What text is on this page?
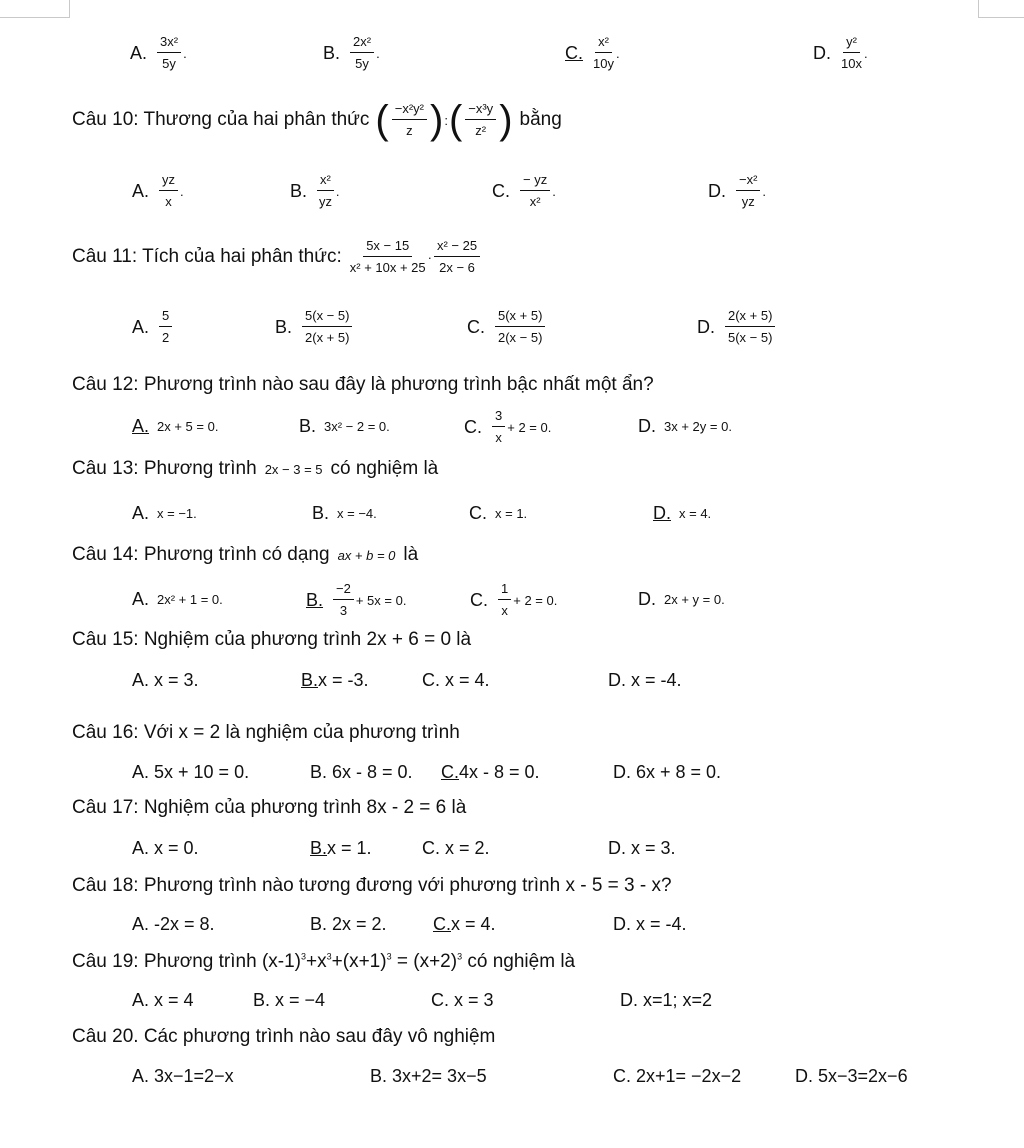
A. $\frac{\text{3x²}}{5y}$ .	B. $\frac{\text{2x²}}{5y}$ .	C. $\frac{\text{x²}}{10y}$ .	D. $\frac{\text{y²}}{10x}$ .
Câu 10: Thương của hai phân thức ( $\frac{\text{−x²y²}}{z}$ ) : ( $\frac{\text{−x³y}}{\text{z²}}$ ) bằng
A. $\frac{yz}{x}$ .	B. $\frac{\text{x²}}{yz}$ .	C. $\frac{- yz}{\text{x²}}$ .	D. $\frac{\text{−x²}}{yz}$ .
Câu 11: Tích của hai phân thức: $\frac{5x - 15}{\text{x² + 10x + 25}} \cdot \frac{\text{x² − 25}}{2x - 6}$
A. $\frac{5}{2}$	B. $\frac{5(x - 5)}{2(x + 5)}$	C. $\frac{5(x + 5)}{2(x - 5)}$	D. $\frac{2(x + 5)}{5(x - 5)}$
Câu 12: Phương trình nào sau đây là phương trình bậc nhất một ẩn?
A. 2x + 5 = 0.	B. 3x² − 2 = 0.	C. $\frac{3}{x} + 2 = 0$.	D. 3x + 2y = 0.
Câu 13: Phương trình 2x − 3 = 5 có nghiệm là
A. x = −1.	B. x = −4.	C. x = 1.	D. x = 4.
Câu 14: Phương trình có dạng ax + b = 0 là
A. 2x² + 1 = 0.	B. $\frac{-2}{3} + 5x = 0$.	C. $\frac{1}{x} + 2 = 0$.	D. 2x + y = 0.
Câu 15: Nghiệm của phương trình 2x + 6 = 0 là
A. x = 3.	B. x = -3.	C. x = 4.	D. x = -4.
Câu 16: Với x = 2 là nghiệm của phương trình
A. 5x + 10 = 0.	B. 6x - 8 = 0. C. 4x - 8 = 0.	D. 6x + 8 = 0.
Câu 17: Nghiệm của phương trình 8x - 2 = 6 là
A. x = 0.	B. x = 1.	C. x = 2.	D. x = 3.
Câu 18: Phương trình nào tương đương với phương trình x - 5 = 3 - x?
A. -2x = 8.	B. 2x = 2.	C. x = 4.	D. x = -4.
Câu 19: Phương trình $(x-1)^3+x^3+(x+1)^3 = (x+2)^3$ có nghiệm là
A. x = 4	B. x = −4	C. x = 3	D. x=1; x=2
Câu 20. Các phương trình nào sau đây vô nghiệm
A. 3x−1=2−x	B. 3x+2= 3x−5	C. 2x+1= −2x−2	D. 5x−3=2x−6
